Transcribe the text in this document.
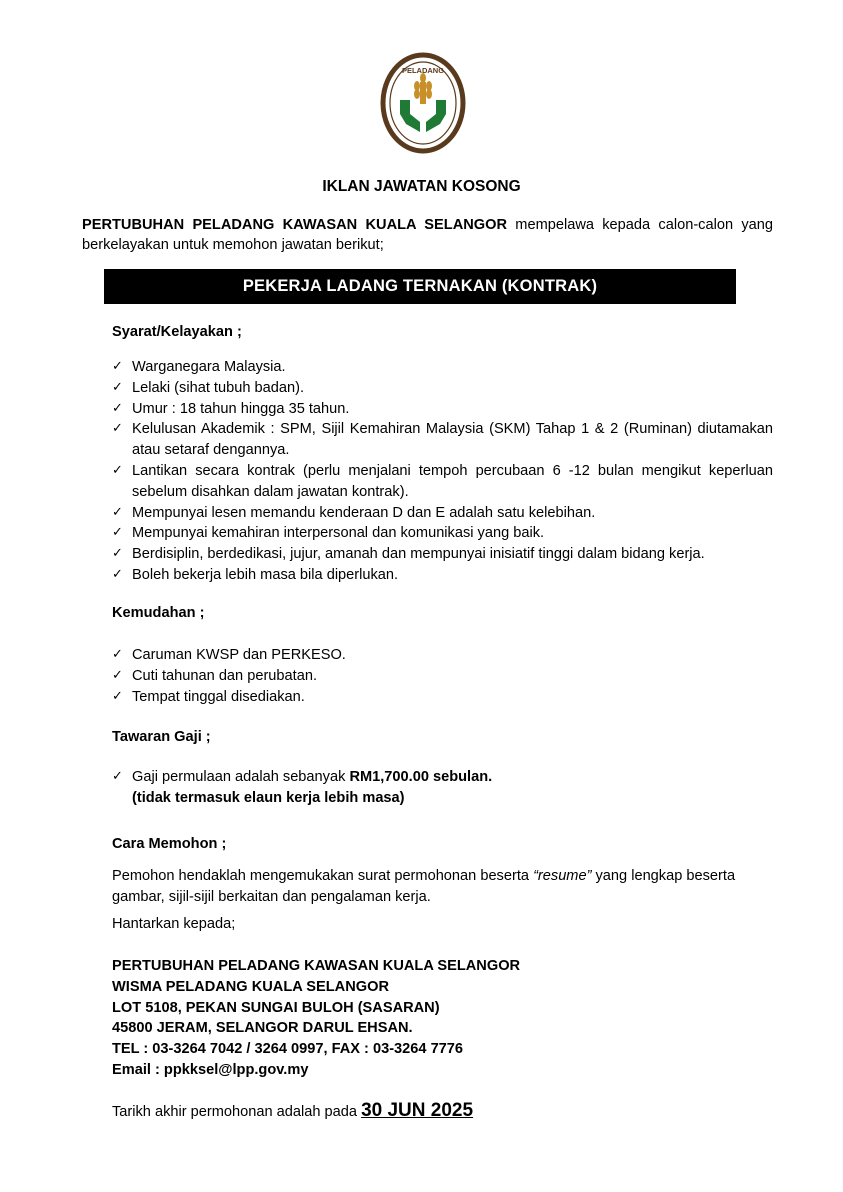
PELADANG
IKLAN JAWATAN KOSONG
PERTUBUHAN PELADANG KAWASAN KUALA SELANGOR mempelawa kepada calon-calon yang berkelayakan untuk memohon jawatan berikut;
PEKERJA LADANG TERNAKAN (KONTRAK)
Syarat/Kelayakan ;
✓ Warganegara Malaysia.
✓ Lelaki (sihat tubuh badan).
✓ Umur : 18 tahun hingga 35 tahun.
✓ Kelulusan Akademik : SPM, Sijil Kemahiran Malaysia (SKM) Tahap 1 & 2 (Ruminan) diutamakan atau setaraf dengannya.
✓ Lantikan secara kontrak (perlu menjalani tempoh percubaan 6 -12 bulan mengikut keperluan sebelum disahkan dalam jawatan kontrak).
✓ Mempunyai lesen memandu kenderaan D dan E adalah satu kelebihan.
✓ Mempunyai kemahiran interpersonal dan komunikasi yang baik.
✓ Berdisiplin, berdedikasi, jujur, amanah dan mempunyai inisiatif tinggi dalam bidang kerja.
✓ Boleh bekerja lebih masa bila diperlukan.
Kemudahan ;
✓ Caruman KWSP dan PERKESO.
✓ Cuti tahunan dan perubatan.
✓ Tempat tinggal disediakan.
Tawaran Gaji ;
✓ Gaji permulaan adalah sebanyak RM1,700.00 sebulan.
(tidak termasuk elaun kerja lebih masa)
Cara Memohon ;
Pemohon hendaklah mengemukakan surat permohonan beserta “resume” yang lengkap beserta gambar, sijil-sijil berkaitan dan pengalaman kerja.
Hantarkan kepada;
PERTUBUHAN PELADANG KAWASAN KUALA SELANGOR
WISMA PELADANG KUALA SELANGOR
LOT 5108, PEKAN SUNGAI BULOH (SASARAN)
45800 JERAM, SELANGOR DARUL EHSAN.
TEL : 03-3264 7042 / 3264 0997, FAX : 03-3264 7776
Email : ppkksel@lpp.gov.my
Tarikh akhir permohonan adalah pada 30 JUN 2025
